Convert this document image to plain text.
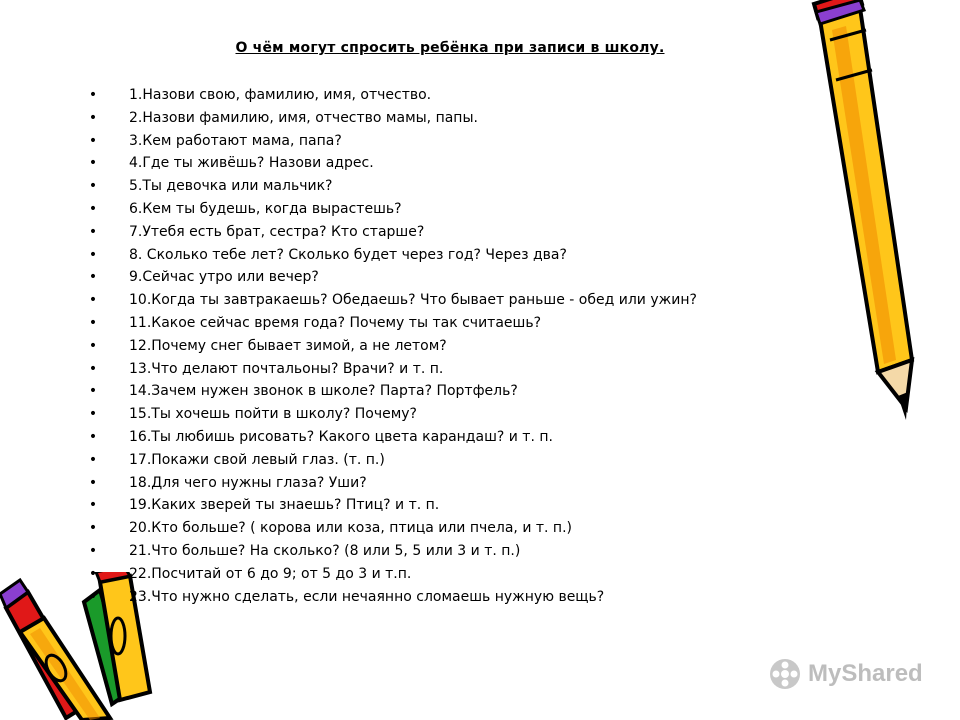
О чём могут спросить ребёнка при записи в школу.
• 1.Назови свою, фамилию, имя, отчество.
• 2.Назови фамилию, имя, отчество мамы, папы.
• 3.Кем работают мама, папа?
• 4.Где ты живёшь? Назови адрес.
• 5.Ты девочка или мальчик?
• 6.Кем ты будешь, когда вырастешь?
• 7.Утебя есть брат, сестра? Кто старше?
• 8. Сколько тебе лет? Сколько будет через год? Через два?
• 9.Сейчас утро или вечер?
• 10.Когда ты завтракаешь? Обедаешь? Что бывает раньше - обед или ужин?
• 11.Какое сейчас время года? Почему ты так считаешь?
• 12.Почему снег бывает зимой, а не летом?
• 13.Что делают почтальоны? Врачи? и т. п.
• 14.Зачем нужен звонок в школе? Парта? Портфель?
• 15.Ты хочешь пойти в школу? Почему?
• 16.Ты любишь рисовать? Какого цвета карандаш? и т. п.
• 17.Покажи свой левый глаз. (т. п.)
• 18.Для чего нужны глаза? Уши?
• 19.Каких зверей ты знаешь? Птиц? и т. п.
• 20.Кто больше? ( корова или коза, птица или пчела, и т. п.)
• 21.Что больше? На сколько? (8 или 5, 5 или 3 и т. п.)
• 22.Посчитай от 6 до 9; от 5 до 3 и т.п.
• 23.Что нужно сделать, если нечаянно сломаешь нужную вещь?
MyShared
